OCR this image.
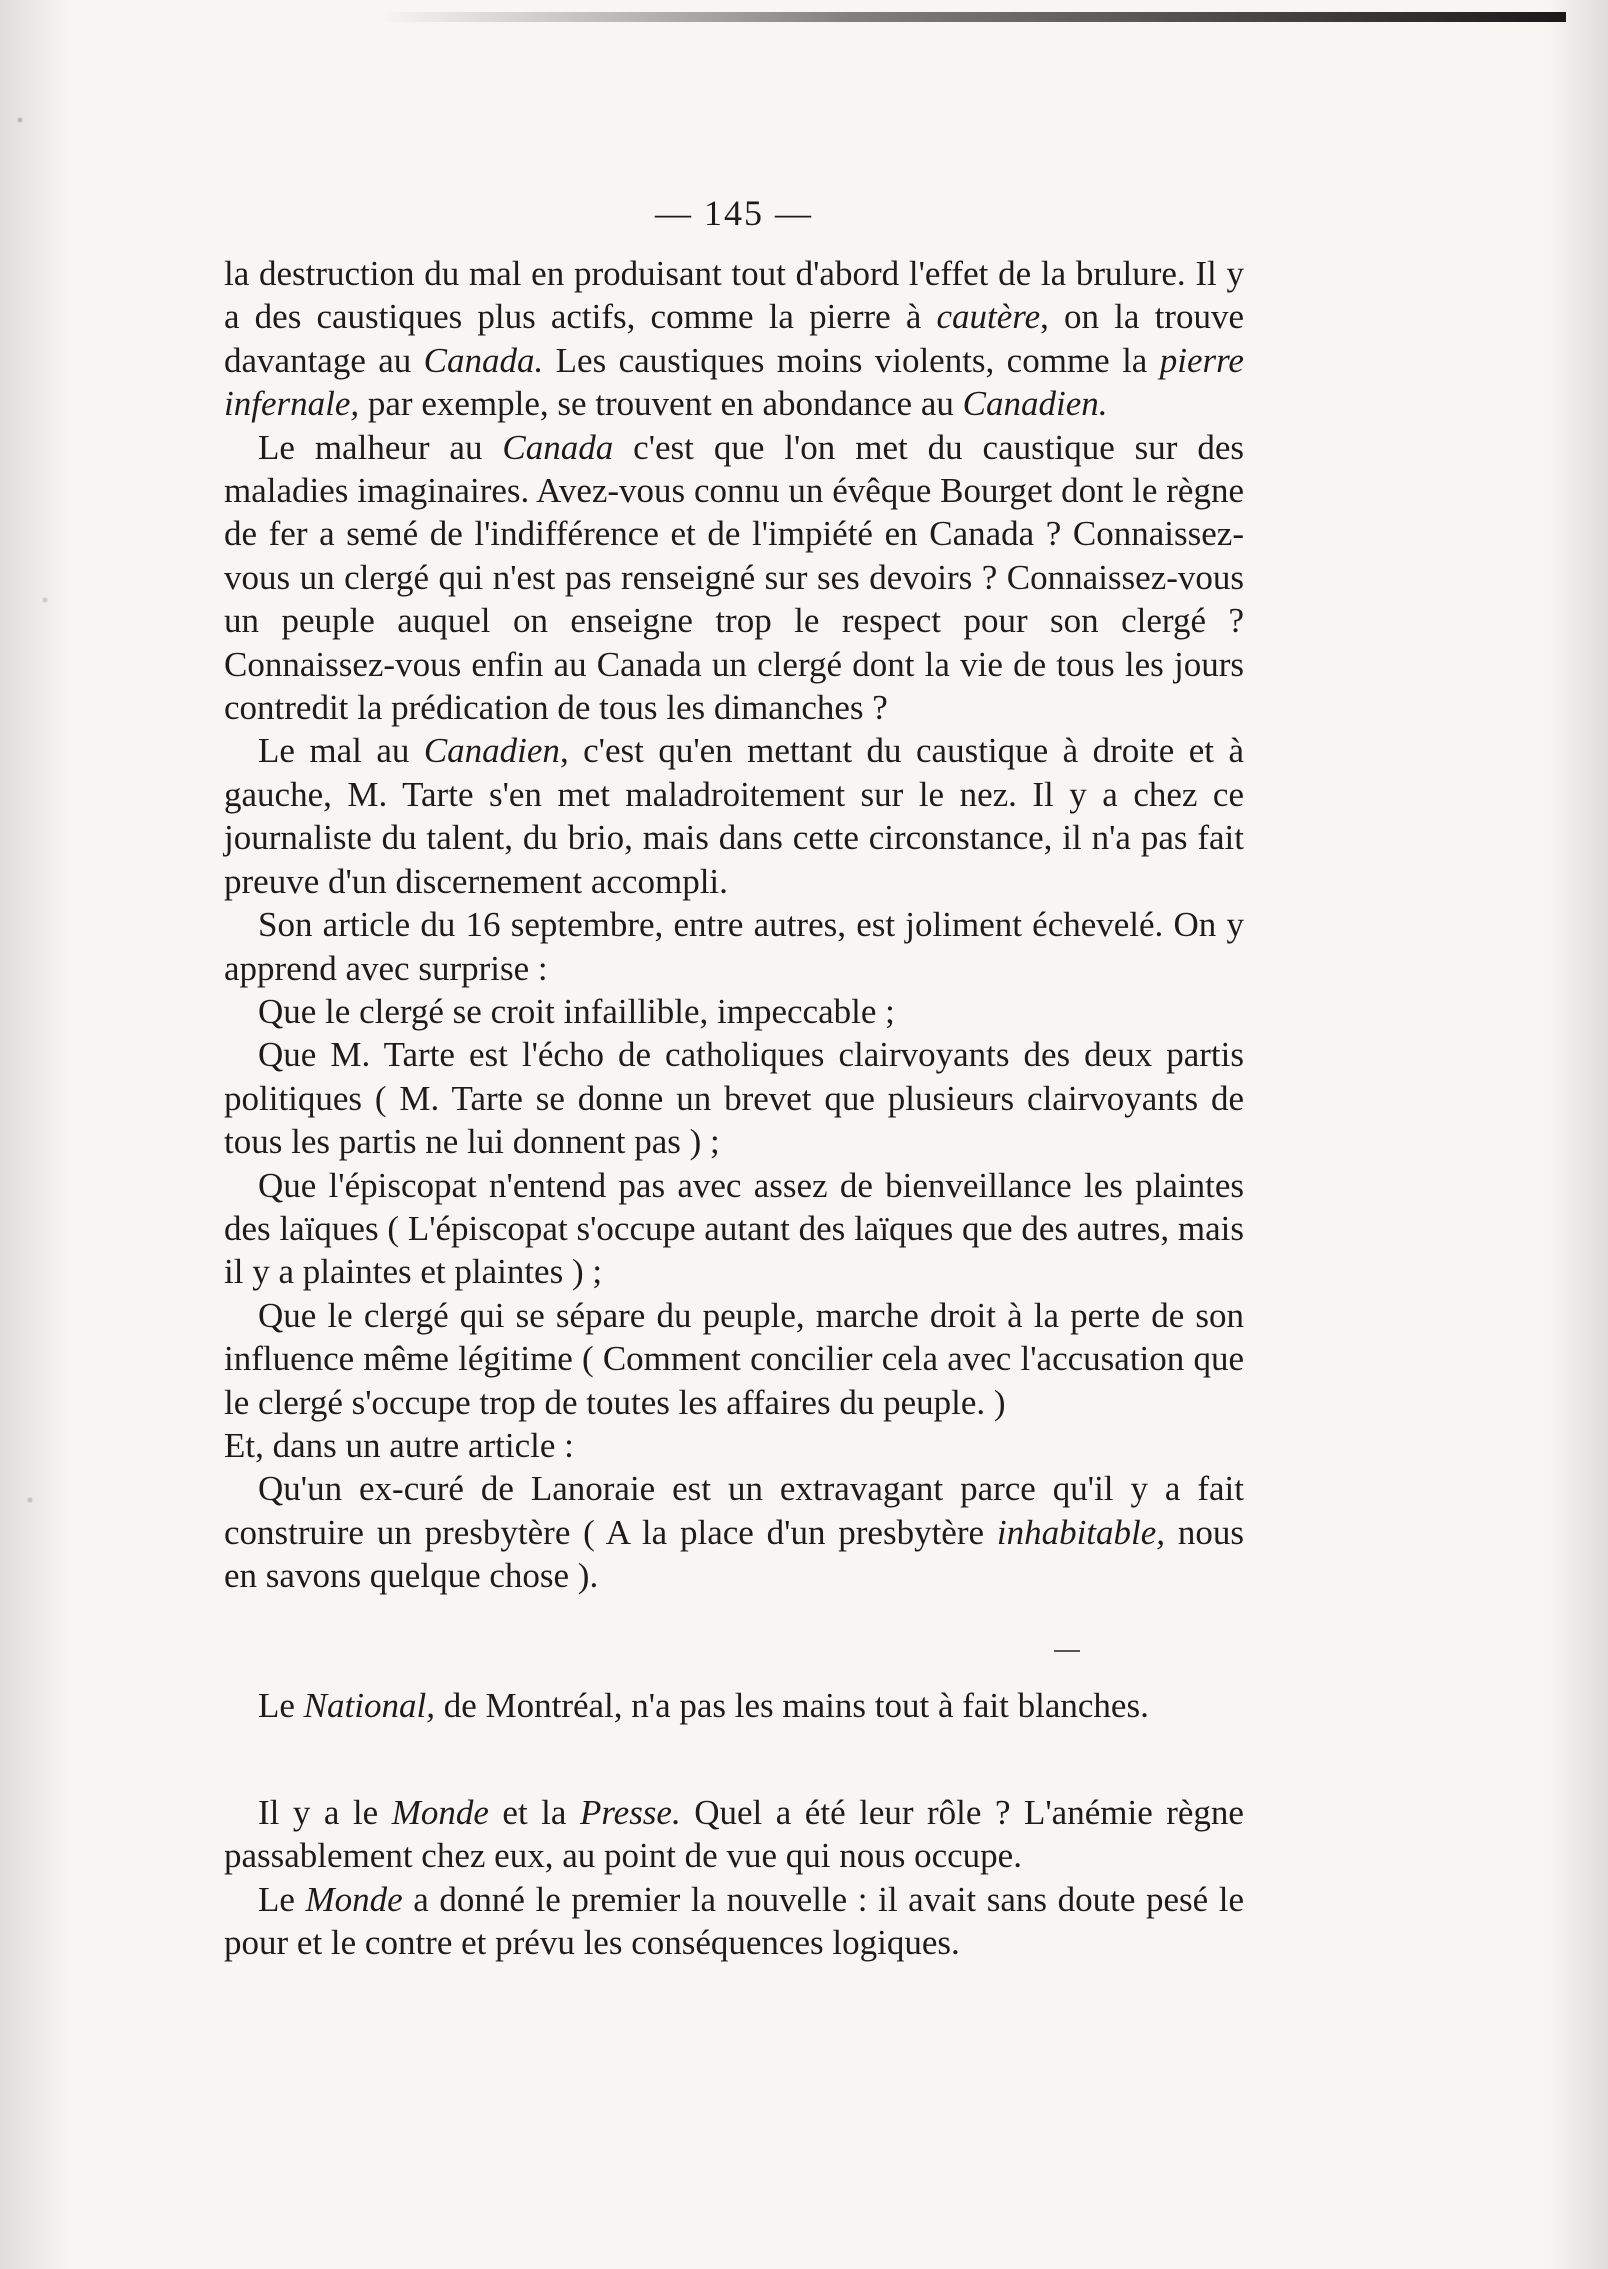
— 145 —

la destruction du mal en produisant tout d'abord l'effet de la brulure. Il y a des caustiques plus actifs, comme la pierre à cautère, on la trouve davantage au Canada. Les caustiques moins violents, comme la pierre infernale, par exemple, se trouvent en abondance au Canadien.

Le malheur au Canada c'est que l'on met du caustique sur des maladies imaginaires. Avez-vous connu un évêque Bourget dont le règne de fer a semé de l'indifférence et de l'impiété en Canada ? Connaissez-vous un clergé qui n'est pas renseigné sur ses devoirs ? Connaissez-vous un peuple auquel on enseigne trop le respect pour son clergé ? Connaissez-vous enfin au Canada un clergé dont la vie de tous les jours contredit la prédication de tous les dimanches ?

Le mal au Canadien, c'est qu'en mettant du caustique à droite et à gauche, M. Tarte s'en met maladroitement sur le nez. Il y a chez ce journaliste du talent, du brio, mais dans cette circonstance, il n'a pas fait preuve d'un discernement accompli.

Son article du 16 septembre, entre autres, est joliment échevelé. On y apprend avec surprise :

Que le clergé se croit infaillible, impeccable ;

Que M. Tarte est l'écho de catholiques clairvoyants des deux partis politiques ( M. Tarte se donne un brevet que plusieurs clairvoyants de tous les partis ne lui donnent pas ) ;

Que l'épiscopat n'entend pas avec assez de bienveillance les plaintes des laïques ( L'épiscopat s'occupe autant des laïques que des autres, mais il y a plaintes et plaintes ) ;

Que le clergé qui se sépare du peuple, marche droit à la perte de son influence même légitime ( Comment concilier cela avec l'accusation que le clergé s'occupe trop de toutes les affaires du peuple. )

Et, dans un autre article :

Qu'un ex-curé de Lanoraie est un extravagant parce qu'il y a fait construire un presbytère ( A la place d'un presbytère inhabitable, nous en savons quelque chose ).

Le National, de Montréal, n'a pas les mains tout à fait blanches.

Il y a le Monde et la Presse. Quel a été leur rôle ? L'anémie règne passablement chez eux, au point de vue qui nous occupe.

Le Monde a donné le premier la nouvelle : il avait sans doute pesé le pour et le contre et prévu les conséquences logiques.
